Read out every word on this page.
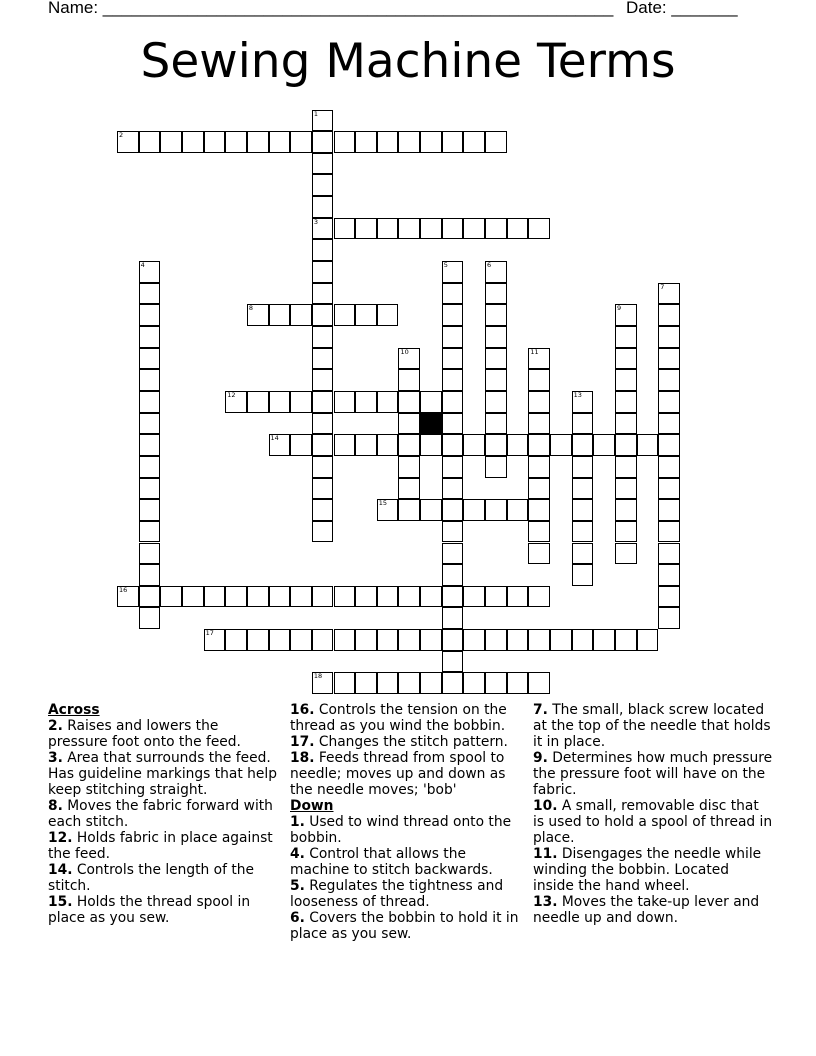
Name: ______________________________________________________ Date: _______
Sewing Machine Terms
1
3
2
4	5	6
7
8	9
10	11
12	13
14
15
16
17
18
Across
2. Raises and lowers the pressure foot onto the feed.
3. Area that surrounds the feed. Has guideline markings that help keep stitching straight.
8. Moves the fabric forward with each stitch.
12. Holds fabric in place against the feed.
14. Controls the length of the stitch.
15. Holds the thread spool in place as you sew.
16. Controls the tension on the thread as you wind the bobbin.
17. Changes the stitch pattern.
18. Feeds thread from spool to needle; moves up and down as the needle moves; 'bob'
Down
1. Used to wind thread onto the bobbin.
4. Control that allows the machine to stitch backwards.
5. Regulates the tightness and looseness of thread.
6. Covers the bobbin to hold it in place as you sew.
7. The small, black screw located at the top of the needle that holds it in place.
9. Determines how much pressure the pressure foot will have on the fabric.
10. A small, removable disc that is used to hold a spool of thread in place.
11. Disengages the needle while winding the bobbin. Located inside the hand wheel.
13. Moves the take-up lever and needle up and down.
